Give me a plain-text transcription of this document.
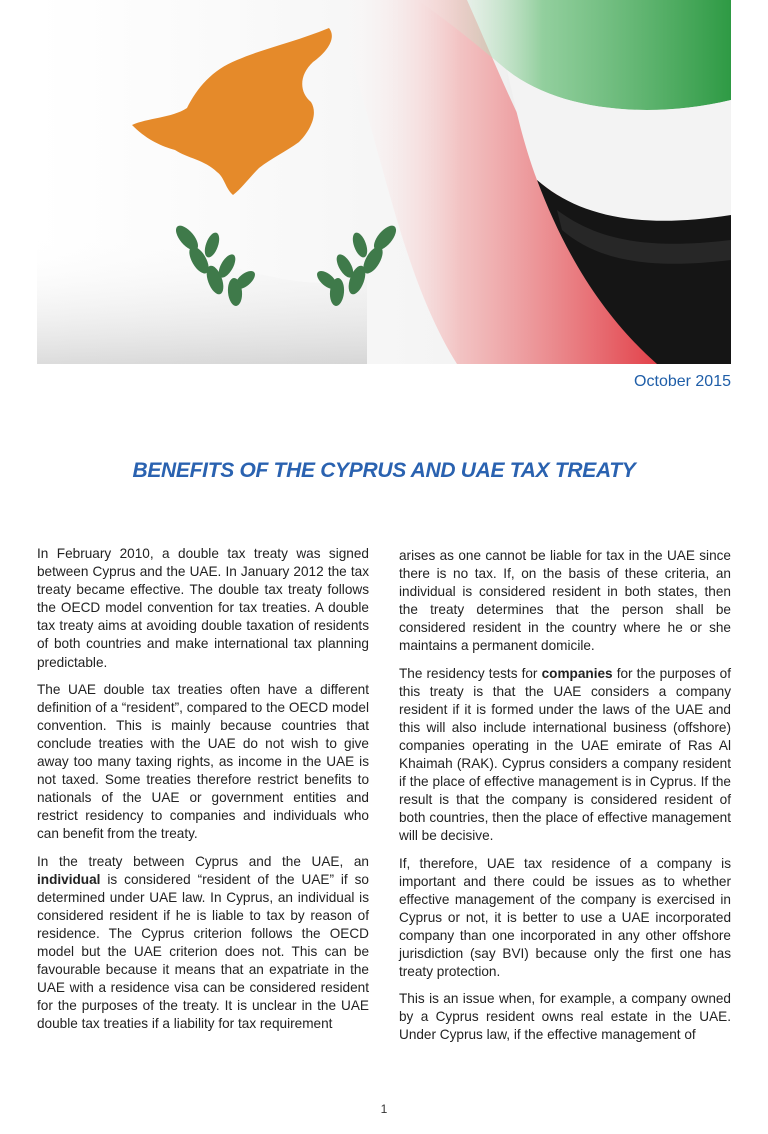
October 2015
BENEFITS OF THE CYPRUS AND UAE TAX TREATY

In February 2010, a double tax treaty was signed between Cyprus and the UAE. In January 2012 the tax treaty became effective. The double tax treaty follows the OECD model convention for tax treaties. A double tax treaty aims at avoiding double taxation of residents of both countries and make international tax planning predictable.

The UAE double tax treaties often have a different definition of a “resident”, compared to the OECD model convention. This is mainly because countries that conclude treaties with the UAE do not wish to give away too many taxing rights, as income in the UAE is not taxed. Some treaties therefore restrict benefits to nationals of the UAE or government entities and restrict residency to companies and individuals who can benefit from the treaty.

In the treaty between Cyprus and the UAE, an individual is considered “resident of the UAE” if so determined under UAE law. In Cyprus, an individual is considered resident if he is liable to tax by reason of residence. The Cyprus criterion follows the OECD model but the UAE criterion does not. This can be favourable because it means that an expatriate in the UAE with a residence visa can be considered resident for the purposes of the treaty. It is unclear in the UAE double tax treaties if a liability for tax requirement

arises as one cannot be liable for tax in the UAE since there is no tax. If, on the basis of these criteria, an individual is considered resident in both states, then the treaty determines that the person shall be considered resident in the country where he or she maintains a permanent domicile.

The residency tests for companies for the purposes of this treaty is that the UAE considers a company resident if it is formed under the laws of the UAE and this will also include international business (offshore) companies operating in the UAE emirate of Ras Al Khaimah (RAK). Cyprus considers a company resident if the place of effective management is in Cyprus. If the result is that the company is considered resident of both countries, then the place of effective management will be decisive.

If, therefore, UAE tax residence of a company is important and there could be issues as to whether effective management of the company is exercised in Cyprus or not, it is better to use a UAE incorporated company than one incorporated in any other offshore jurisdiction (say BVI) because only the first one has treaty protection.

This is an issue when, for example, a company owned by a Cyprus resident owns real estate in the UAE. Under Cyprus law, if the effective management of

1
